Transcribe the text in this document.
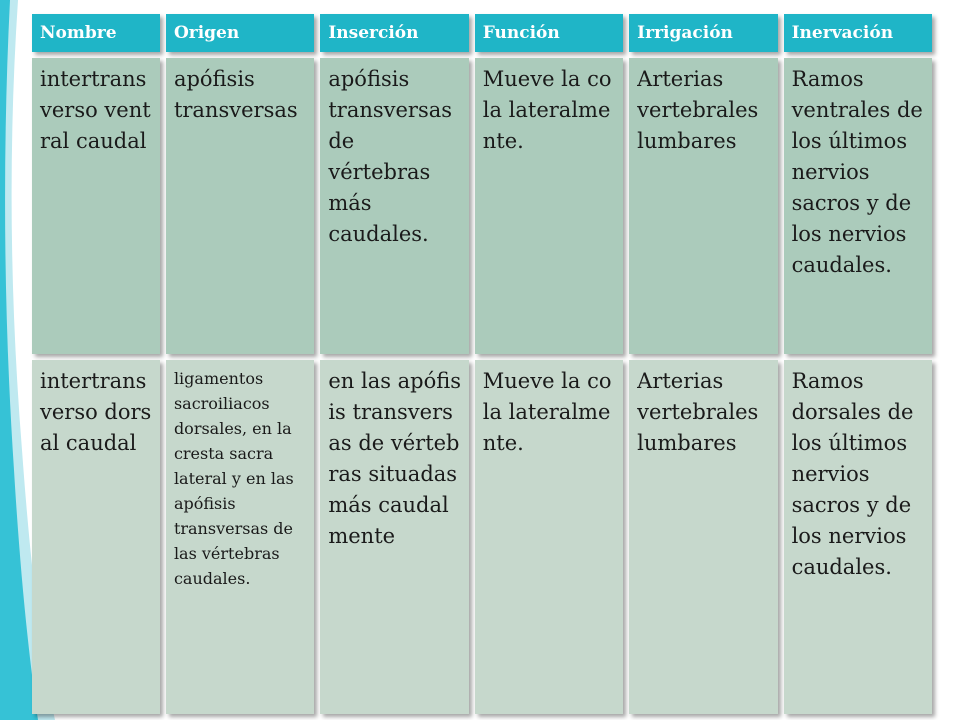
Nombre	Origen	Inserción	Función	Irrigación	Inervación
intertransverso ventral caudal	apófisis transversas	apófisis transversas de vértebras más caudales.	Mueve la cola lateralmente.	Arterias vertebrales lumbares	Ramos ventrales de los últimos nervios sacros y de los nervios caudales.
intertransverso dorsal caudal	ligamentos sacroiliacos dorsales, en la cresta sacra lateral y en las apófisis transversas de las vértebras caudales.	en las apófisis transversas de vértebras situadas más caudalmente	Mueve la cola lateralmente.	Arterias vertebrales lumbares	Ramos dorsales de los últimos nervios sacros y de los nervios caudales.
